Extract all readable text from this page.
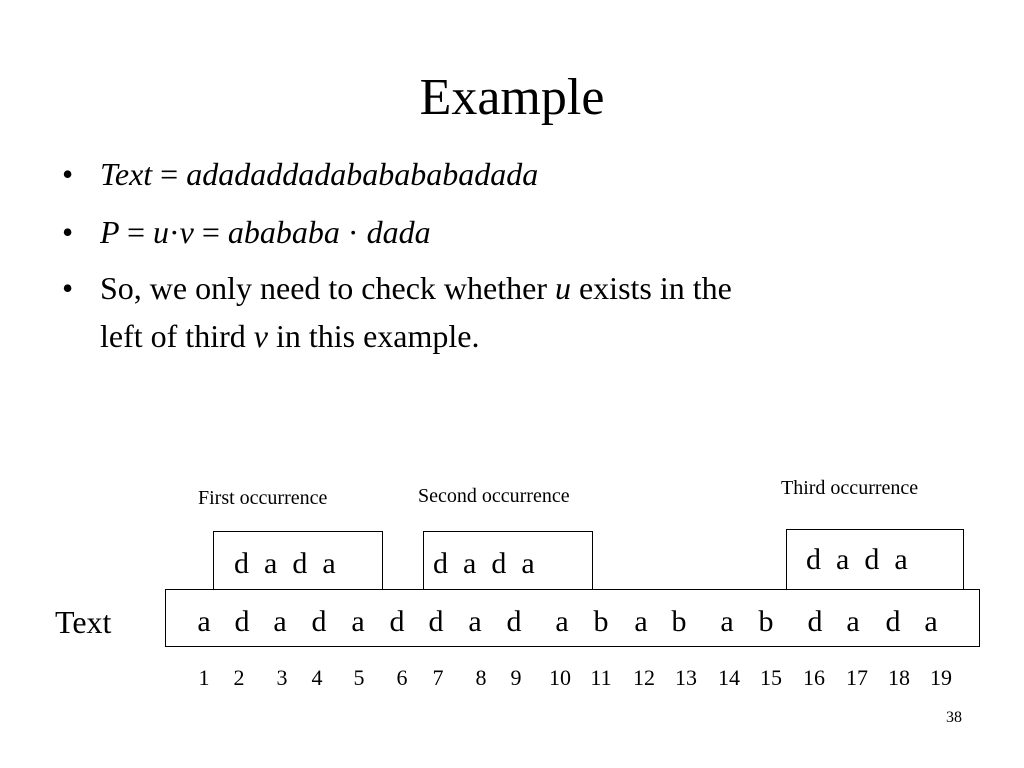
Example
• Text = adadaddadababababadada
• P = u·v = abababa · dada
• So, we only need to check whether u exists in the
left of third v in this example.
First occurrence	Second occurrence	Third occurrence
d  a  d  a	d  a  d  a	d  a  d  a
Text	a d a d a d d a d a b a b a b d a d a
1	2	3	4	5	6	7	8	9	10 11 12 13 14 15 16 17 18 19
38
